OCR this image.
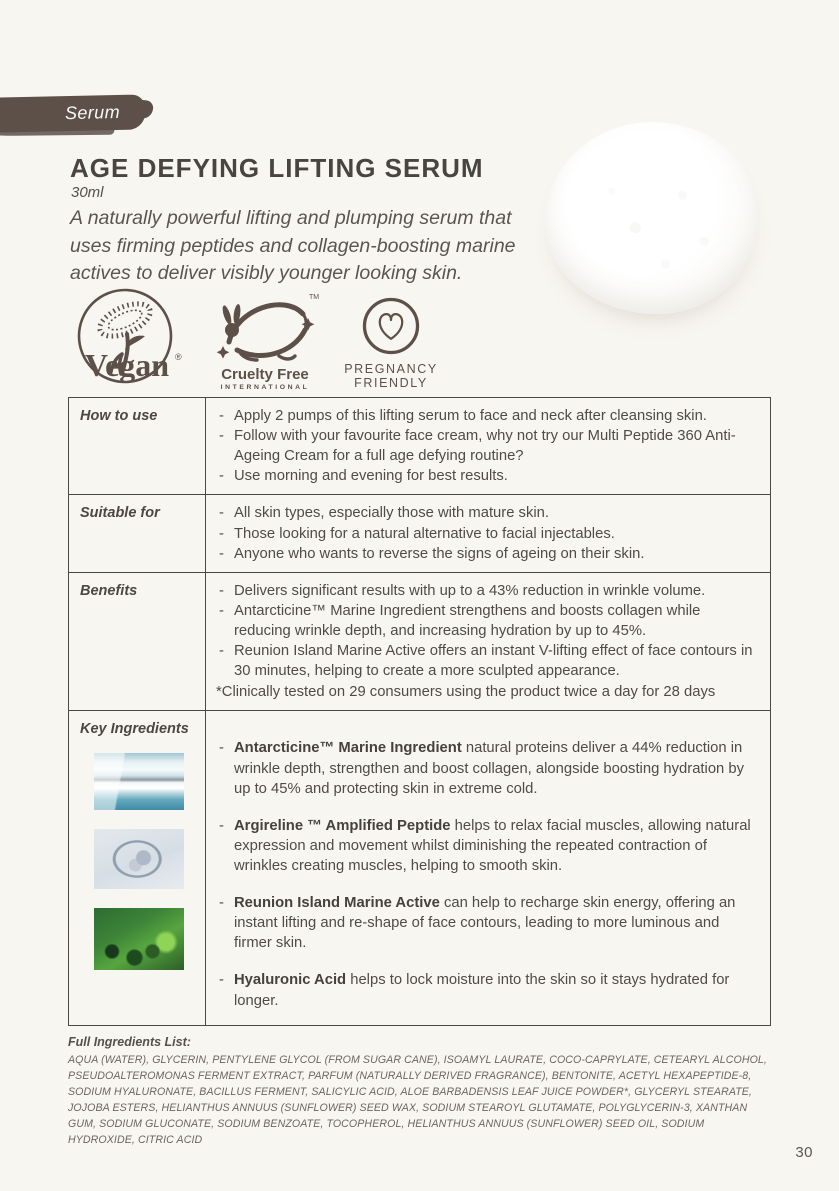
Serum
AGE DEFYING LIFTING SERUM
30ml

A naturally powerful lifting and plumping serum that uses firming peptides and collagen-boosting marine actives to deliver visibly younger looking skin.

Vegan ®
TM
Cruelty Free
INTERNATIONAL
PREGNANCY
FRIENDLY
How to use	- Apply 2 pumps of this lifting serum to face and neck after cleansing skin.
- Follow with your favourite face cream, why not try our Multi Peptide 360 Anti-Ageing Cream for a full age defying routine?
- Use morning and evening for best results.
Suitable for	- All skin types, especially those with mature skin.
- Those looking for a natural alternative to facial injectables.
- Anyone who wants to reverse the signs of ageing on their skin.
Benefits	- Delivers significant results with up to a 43% reduction in wrinkle volume.
- Antarcticine™ Marine Ingredient strengthens and boosts collagen while reducing wrinkle depth, and increasing hydration by up to 45%.
- Reunion Island Marine Active offers an instant V-lifting effect of face contours in 30 minutes, helping to create a more sculpted appearance.
*Clinically tested on 29 consumers using the product twice a day for 28 days
Key Ingredients
- Antarcticine™ Marine Ingredient natural proteins deliver a 44% reduction in wrinkle depth, strengthen and boost collagen, alongside boosting hydration by up to 45% and protecting skin in extreme cold.
- Argireline ™ Amplified Peptide helps to relax facial muscles, allowing natural expression and movement whilst diminishing the repeated contraction of wrinkles creating muscles, helping to smooth skin.
- Reunion Island Marine Active can help to recharge skin energy, offering an instant lifting and re-shape of face contours, leading to more luminous and firmer skin.
- Hyaluronic Acid helps to lock moisture into the skin so it stays hydrated for longer.
Full Ingredients List:
AQUA (WATER), GLYCERIN, PENTYLENE GLYCOL (FROM SUGAR CANE), ISOAMYL LAURATE, COCO-CAPRYLATE, CETEARYL ALCOHOL, PSEUDOALTEROMONAS FERMENT EXTRACT, PARFUM (NATURALLY DERIVED FRAGRANCE), BENTONITE, ACETYL HEXAPEPTIDE-8, SODIUM HYALURONATE, BACILLUS FERMENT, SALICYLIC ACID, ALOE BARBADENSIS LEAF JUICE POWDER*, GLYCERYL STEARATE, JOJOBA ESTERS, HELIANTHUS ANNUUS (SUNFLOWER) SEED WAX, SODIUM STEAROYL GLUTAMATE, POLYGLYCERIN-3, XANTHAN GUM, SODIUM GLUCONATE, SODIUM BENZOATE, TOCOPHEROL, HELIANTHUS ANNUUS (SUNFLOWER) SEED OIL, SODIUM HYDROXIDE, CITRIC ACID
30
